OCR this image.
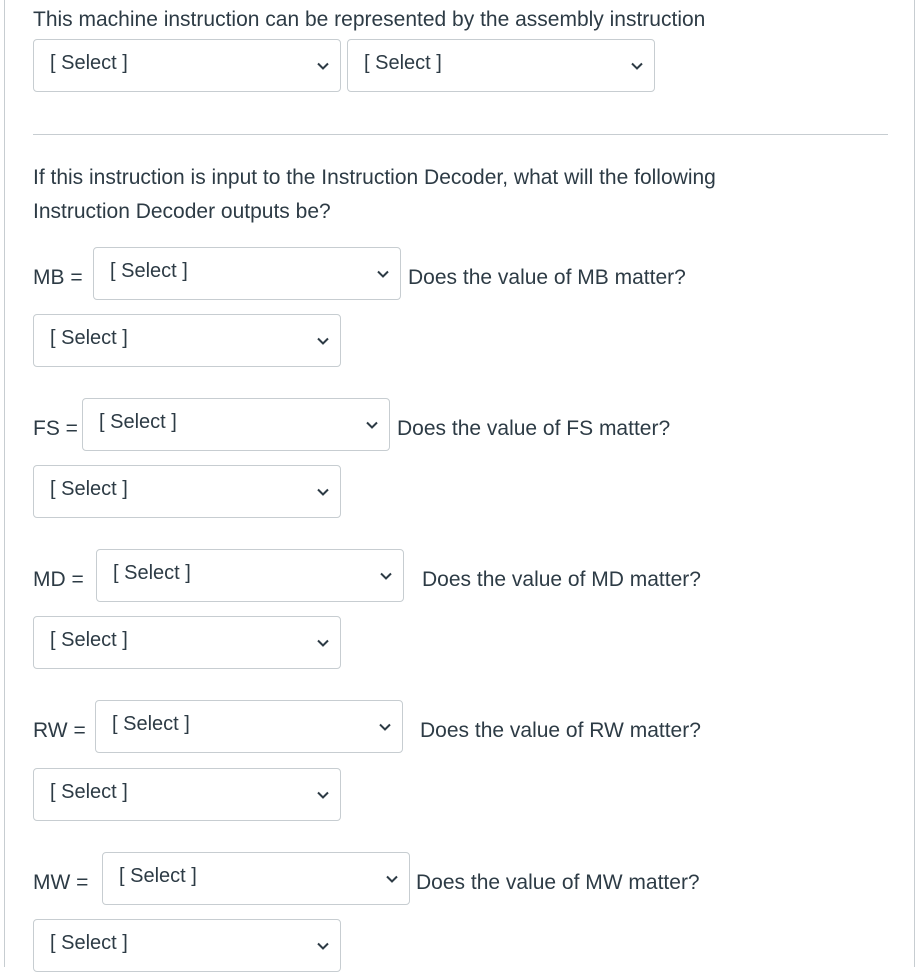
This machine instruction can be represented by the assembly instruction
[ Select ]	[ Select ]
If this instruction is input to the Instruction Decoder, what will the following
Instruction Decoder outputs be?
MB = [ Select ]	Does the value of MB matter?
[ Select ]
FS = [ Select ]	Does the value of FS matter?
[ Select ]
MD = [ Select ]	Does the value of MD matter?
[ Select ]
RW = [ Select ]	Does the value of RW matter?
[ Select ]
MW = [ Select ]	Does the value of MW matter?
[ Select ]
